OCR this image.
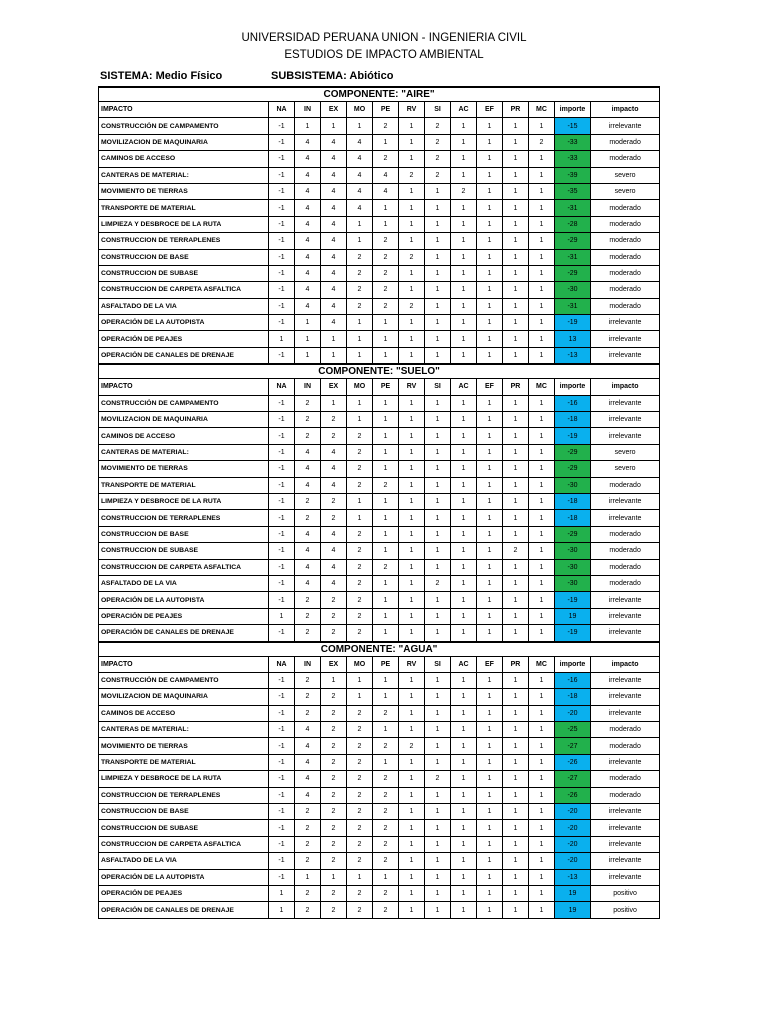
UNIVERSIDAD PERUANA UNION - INGENIERIA CIVIL
ESTUDIOS DE IMPACTO AMBIENTAL
SISTEMA: Medio Físico	SUBSISTEMA: Abiótico
COMPONENTE: "AIRE"													
IMPACTO	NA	IN	EX	MO	PE	RV	SI	AC	EF	PR	MC	importe	impacto
CONSTRUCCIÓN DE CAMPAMENTO	-1	1	1	1	2	1	2	1	1	1	1	-15	irrelevante
MOVILIZACION DE MAQUINARIA	-1	4	4	4	1	1	2	1	1	1	2	-33	moderado
CAMINOS DE ACCESO	-1	4	4	4	2	1	2	1	1	1	1	-33	moderado
CANTERAS DE MATERIAL:	-1	4	4	4	4	2	2	1	1	1	1	-39	severo
MOVIMIENTO DE TIERRAS	-1	4	4	4	4	1	1	2	1	1	1	-35	severo
TRANSPORTE DE MATERIAL	-1	4	4	4	1	1	1	1	1	1	1	-31	moderado
LIMPIEZA Y DESBROCE DE LA RUTA	-1	4	4	1	1	1	1	1	1	1	1	-28	moderado
CONSTRUCCION DE TERRAPLENES	-1	4	4	1	2	1	1	1	1	1	1	-29	moderado
CONSTRUCCION DE BASE	-1	4	4	2	2	2	1	1	1	1	1	-31	moderado
CONSTRUCCION DE SUBASE	-1	4	4	2	2	1	1	1	1	1	1	-29	moderado
CONSTRUCCION DE CARPETA ASFALTICA	-1	4	4	2	2	1	1	1	1	1	1	-30	moderado
ASFALTADO DE LA VIA	-1	4	4	2	2	2	1	1	1	1	1	-31	moderado
OPERACIÓN DE LA AUTOPISTA	-1	1	4	1	1	1	1	1	1	1	1	-19	irrelevante
OPERACIÓN DE PEAJES	1	1	1	1	1	1	1	1	1	1	1	13	irrelevante
OPERACIÓN DE CANALES DE DRENAJE	-1	1	1	1	1	1	1	1	1	1	1	-13	irrelevante
COMPONENTE: "SUELO"													
IMPACTO	NA	IN	EX	MO	PE	RV	SI	AC	EF	PR	MC	importe	impacto
CONSTRUCCIÓN DE CAMPAMENTO	-1	2	1	1	1	1	1	1	1	1	1	-16	irrelevante
MOVILIZACION DE MAQUINARIA	-1	2	2	1	1	1	1	1	1	1	1	-18	irrelevante
CAMINOS DE ACCESO	-1	2	2	2	1	1	1	1	1	1	1	-19	irrelevante
CANTERAS DE MATERIAL:	-1	4	4	2	1	1	1	1	1	1	1	-29	severo
MOVIMIENTO DE TIERRAS	-1	4	4	2	1	1	1	1	1	1	1	-29	severo
TRANSPORTE DE MATERIAL	-1	4	4	2	2	1	1	1	1	1	1	-30	moderado
LIMPIEZA Y DESBROCE DE LA RUTA	-1	2	2	1	1	1	1	1	1	1	1	-18	irrelevante
CONSTRUCCION DE TERRAPLENES	-1	2	2	1	1	1	1	1	1	1	1	-18	irrelevante
CONSTRUCCION DE BASE	-1	4	4	2	1	1	1	1	1	1	1	-29	moderado
CONSTRUCCION DE SUBASE	-1	4	4	2	1	1	1	1	1	2	1	-30	moderado
CONSTRUCCION DE CARPETA ASFALTICA	-1	4	4	2	2	1	1	1	1	1	1	-30	moderado
ASFALTADO DE LA VIA	-1	4	4	2	1	1	2	1	1	1	1	-30	moderado
OPERACIÓN DE LA AUTOPISTA	-1	2	2	2	1	1	1	1	1	1	1	-19	irrelevante
OPERACIÓN DE PEAJES	1	2	2	2	1	1	1	1	1	1	1	19	irrelevante
OPERACIÓN DE CANALES DE DRENAJE	-1	2	2	2	1	1	1	1	1	1	1	-19	irrelevante
COMPONENTE: "AGUA"													
IMPACTO	NA	IN	EX	MO	PE	RV	SI	AC	EF	PR	MC	importe	impacto
CONSTRUCCIÓN DE CAMPAMENTO	-1	2	1	1	1	1	1	1	1	1	1	-16	irrelevante
MOVILIZACION DE MAQUINARIA	-1	2	2	1	1	1	1	1	1	1	1	-18	irrelevante
CAMINOS DE ACCESO	-1	2	2	2	2	1	1	1	1	1	1	-20	irrelevante
CANTERAS DE MATERIAL:	-1	4	2	2	1	1	1	1	1	1	1	-25	moderado
MOVIMIENTO DE TIERRAS	-1	4	2	2	2	2	1	1	1	1	1	-27	moderado
TRANSPORTE DE MATERIAL	-1	4	2	2	1	1	1	1	1	1	1	-26	irrelevante
LIMPIEZA Y DESBROCE DE LA RUTA	-1	4	2	2	2	1	2	1	1	1	1	-27	moderado
CONSTRUCCION DE TERRAPLENES	-1	4	2	2	2	1	1	1	1	1	1	-26	moderado
CONSTRUCCION DE BASE	-1	2	2	2	2	1	1	1	1	1	1	-20	irrelevante
CONSTRUCCION DE SUBASE	-1	2	2	2	2	1	1	1	1	1	1	-20	irrelevante
CONSTRUCCION DE CARPETA ASFALTICA	-1	2	2	2	2	1	1	1	1	1	1	-20	irrelevante
ASFALTADO DE LA VIA	-1	2	2	2	2	1	1	1	1	1	1	-20	irrelevante
OPERACIÓN DE LA AUTOPISTA	-1	1	1	1	1	1	1	1	1	1	1	-13	irrelevante
OPERACIÓN DE PEAJES	1	2	2	2	2	1	1	1	1	1	1	19	positivo
OPERACIÓN DE CANALES DE DRENAJE	1	2	2	2	2	1	1	1	1	1	1	19	positivo
